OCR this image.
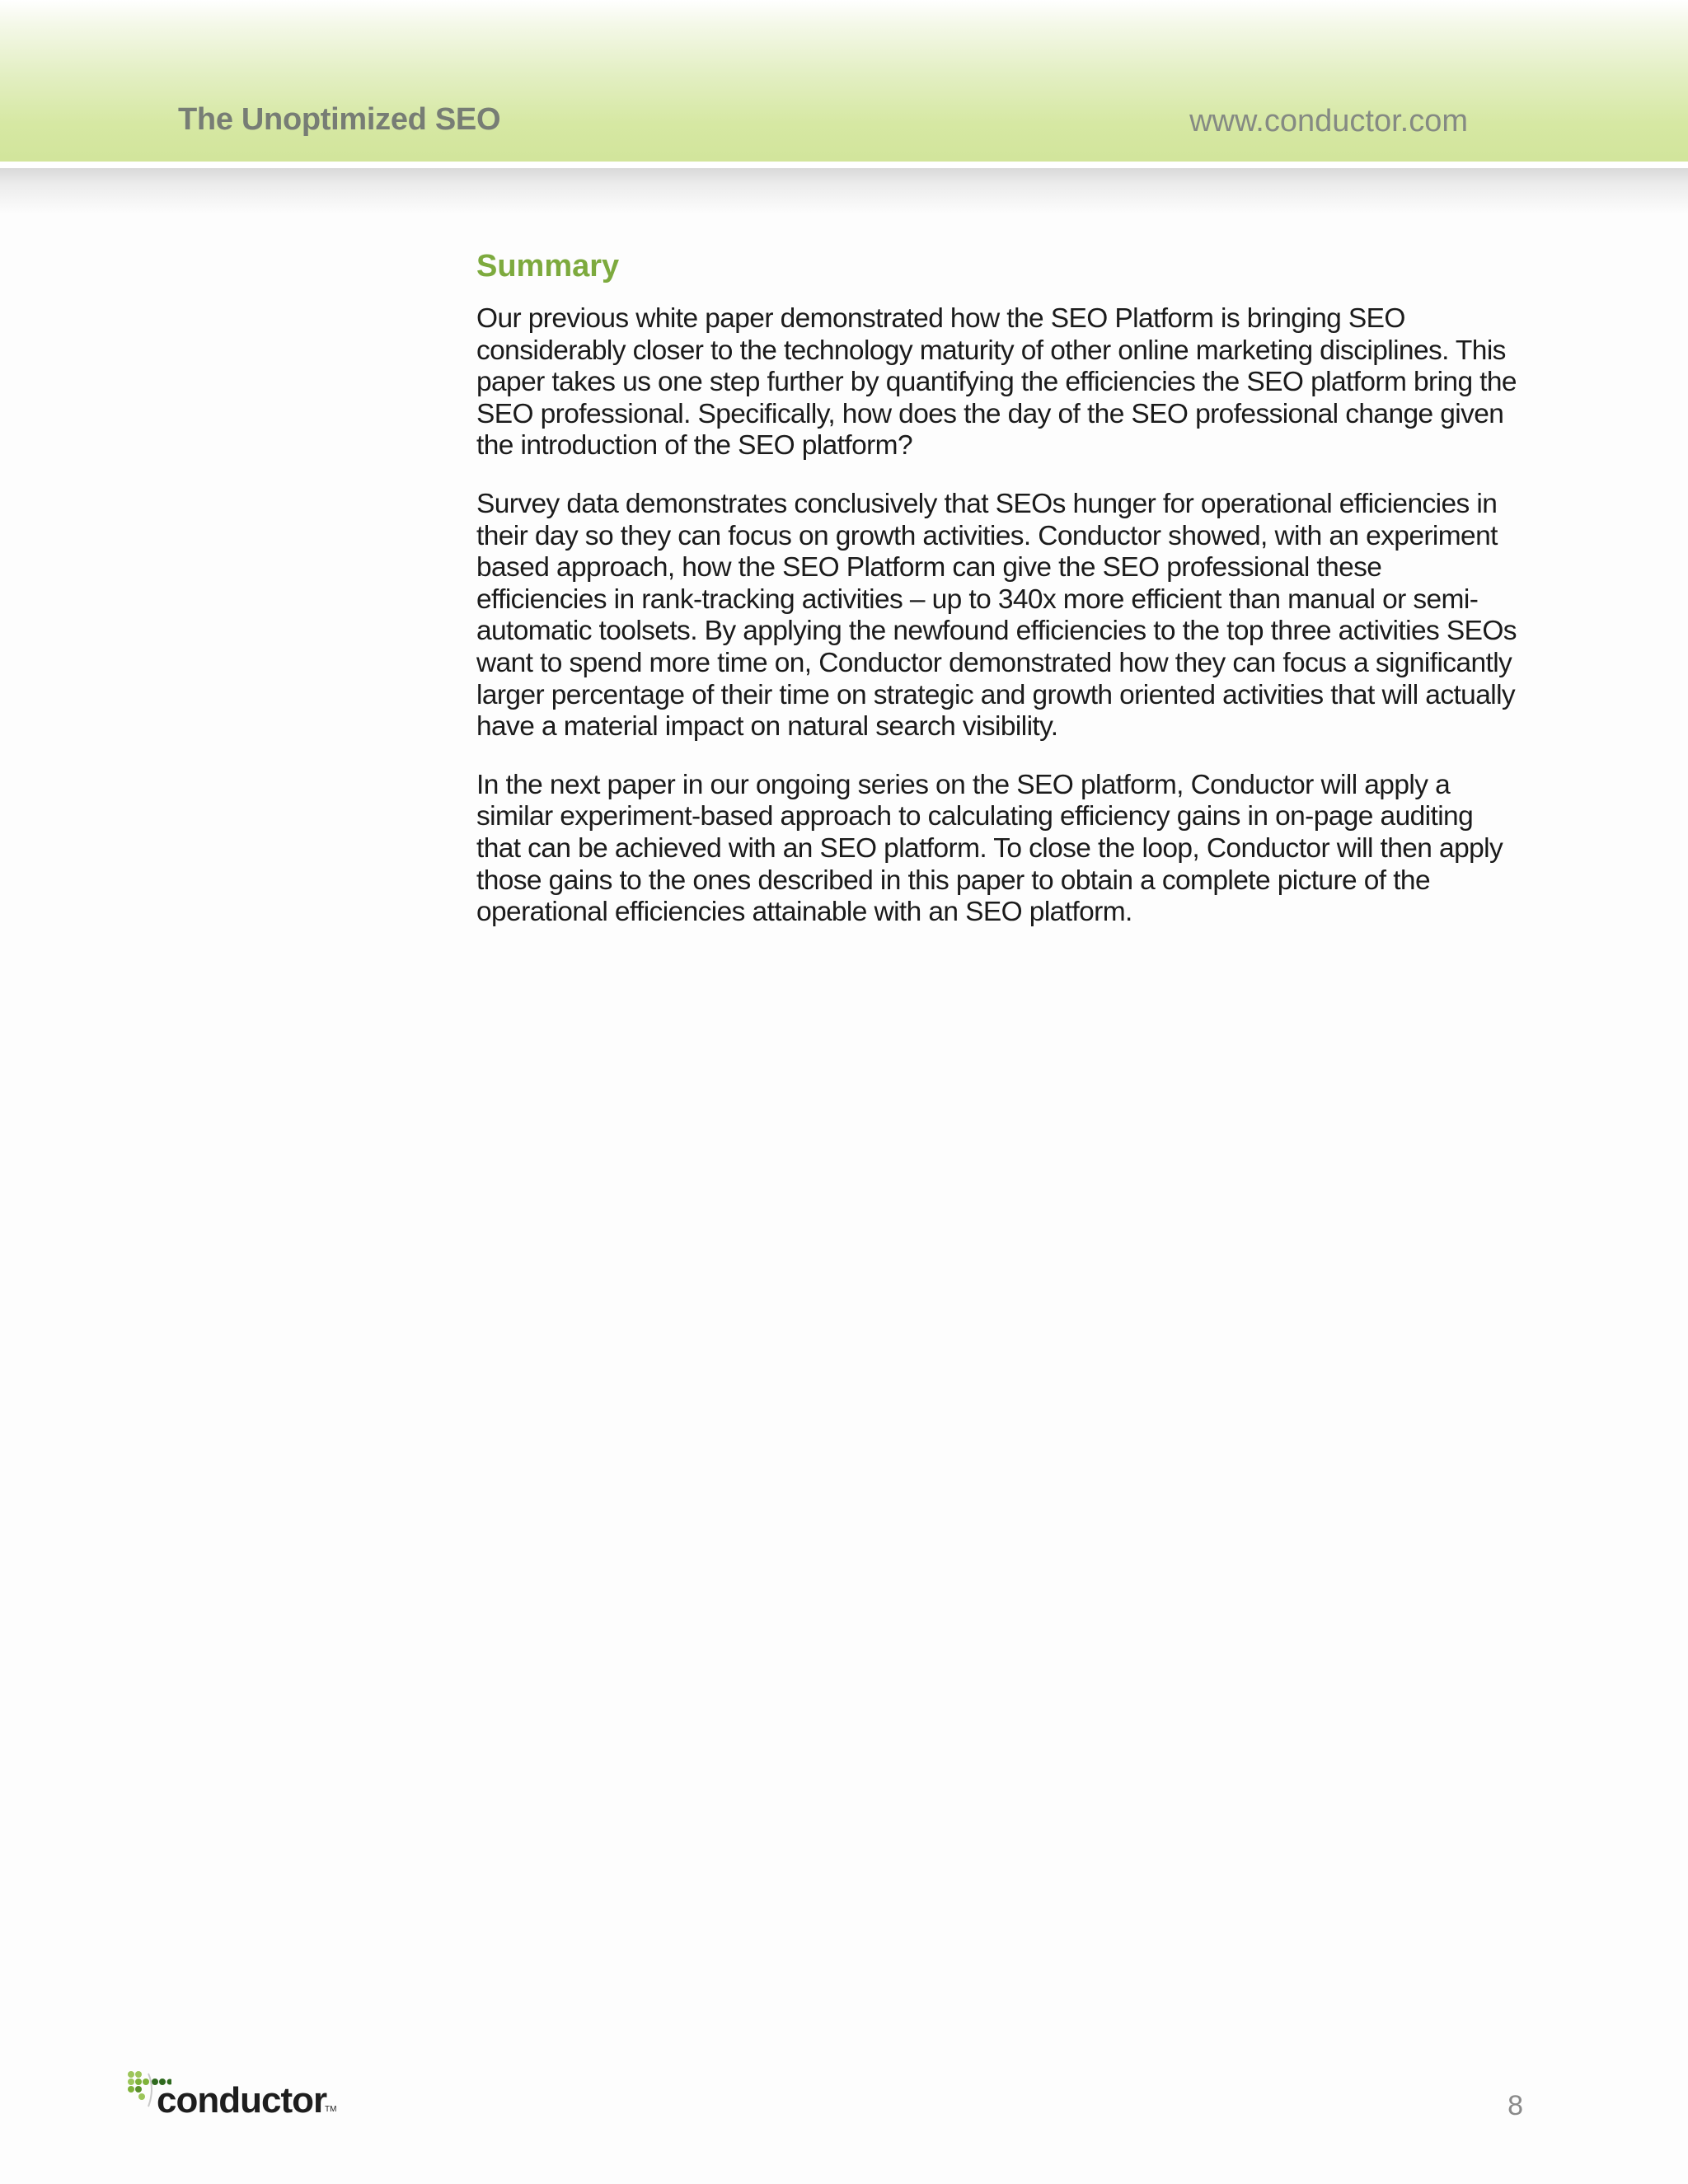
The Unoptimized SEO	www.conductor.com
Summary

Our previous white paper demonstrated how the SEO Platform is bringing SEO considerably closer to the technology maturity of other online marketing disciplines. This paper takes us one step further by quantifying the efficiencies the SEO platform bring the SEO professional. Specifically, how does the day of the SEO professional change given the introduction of the SEO platform?

Survey data demonstrates conclusively that SEOs hunger for operational efficiencies in their day so they can focus on growth activities. Conductor showed, with an experiment based approach, how the SEO Platform can give the SEO professional these efficiencies in rank-tracking activities – up to 340x more efficient than manual or semi-automatic toolsets. By applying the newfound efficiencies to the top three activities SEOs want to spend more time on, Conductor demonstrated how they can focus a significantly larger percentage of their time on strategic and growth oriented activities that will actually have a material impact on natural search visibility.

In the next paper in our ongoing series on the SEO platform, Conductor will apply a similar experiment-based approach to calculating efficiency gains in on-page auditing that can be achieved with an SEO platform. To close the loop, Conductor will then apply those gains to the ones described in this paper to obtain a complete picture of the operational efficiencies attainable with an SEO platform.

conductor
TM	8
